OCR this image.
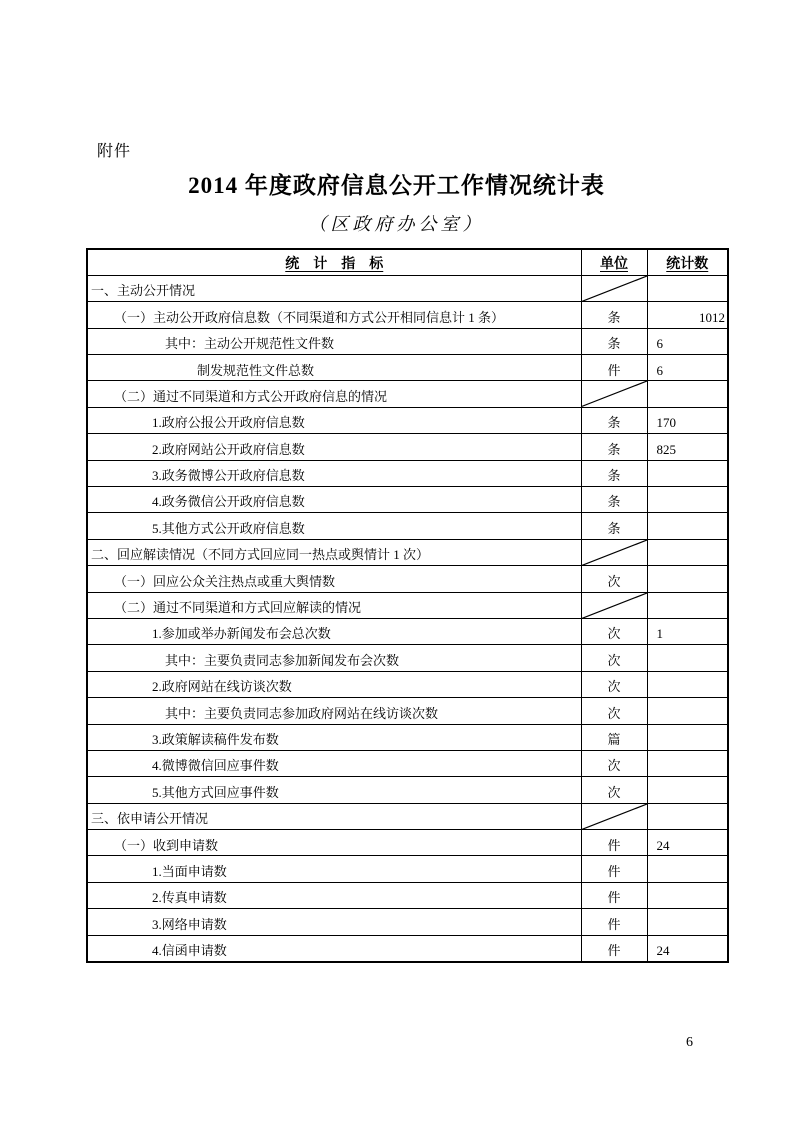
附件
2014 年度政府信息公开工作情况统计表
（区政府办公室）
统　计　指　标	单位	统计数
一、主动公开情况	

（一）主动公开政府信息数（不同渠道和方式公开相同信息计 1 条）	条	1012
其中：主动公开规范性文件数	条	6
制发规范性文件总数	件	6
（二）通过不同渠道和方式公开政府信息的情况	

1.政府公报公开政府信息数	条	170
2.政府网站公开政府信息数	条	825
3.政务微博公开政府信息数	条	
4.政务微信公开政府信息数	条	
5.其他方式公开政府信息数	条	
二、回应解读情况（不同方式回应同一热点或舆情计 1 次）	

（一）回应公众关注热点或重大舆情数	次	
（二）通过不同渠道和方式回应解读的情况	

1.参加或举办新闻发布会总次数	次	1
其中：主要负责同志参加新闻发布会次数	次	
2.政府网站在线访谈次数	次	
其中：主要负责同志参加政府网站在线访谈次数	次	
3.政策解读稿件发布数	篇	
4.微博微信回应事件数	次	
5.其他方式回应事件数	次	
三、依申请公开情况	

（一）收到申请数	件	24
1.当面申请数	件	
2.传真申请数	件	
3.网络申请数	件	
4.信函申请数	件	24
6
